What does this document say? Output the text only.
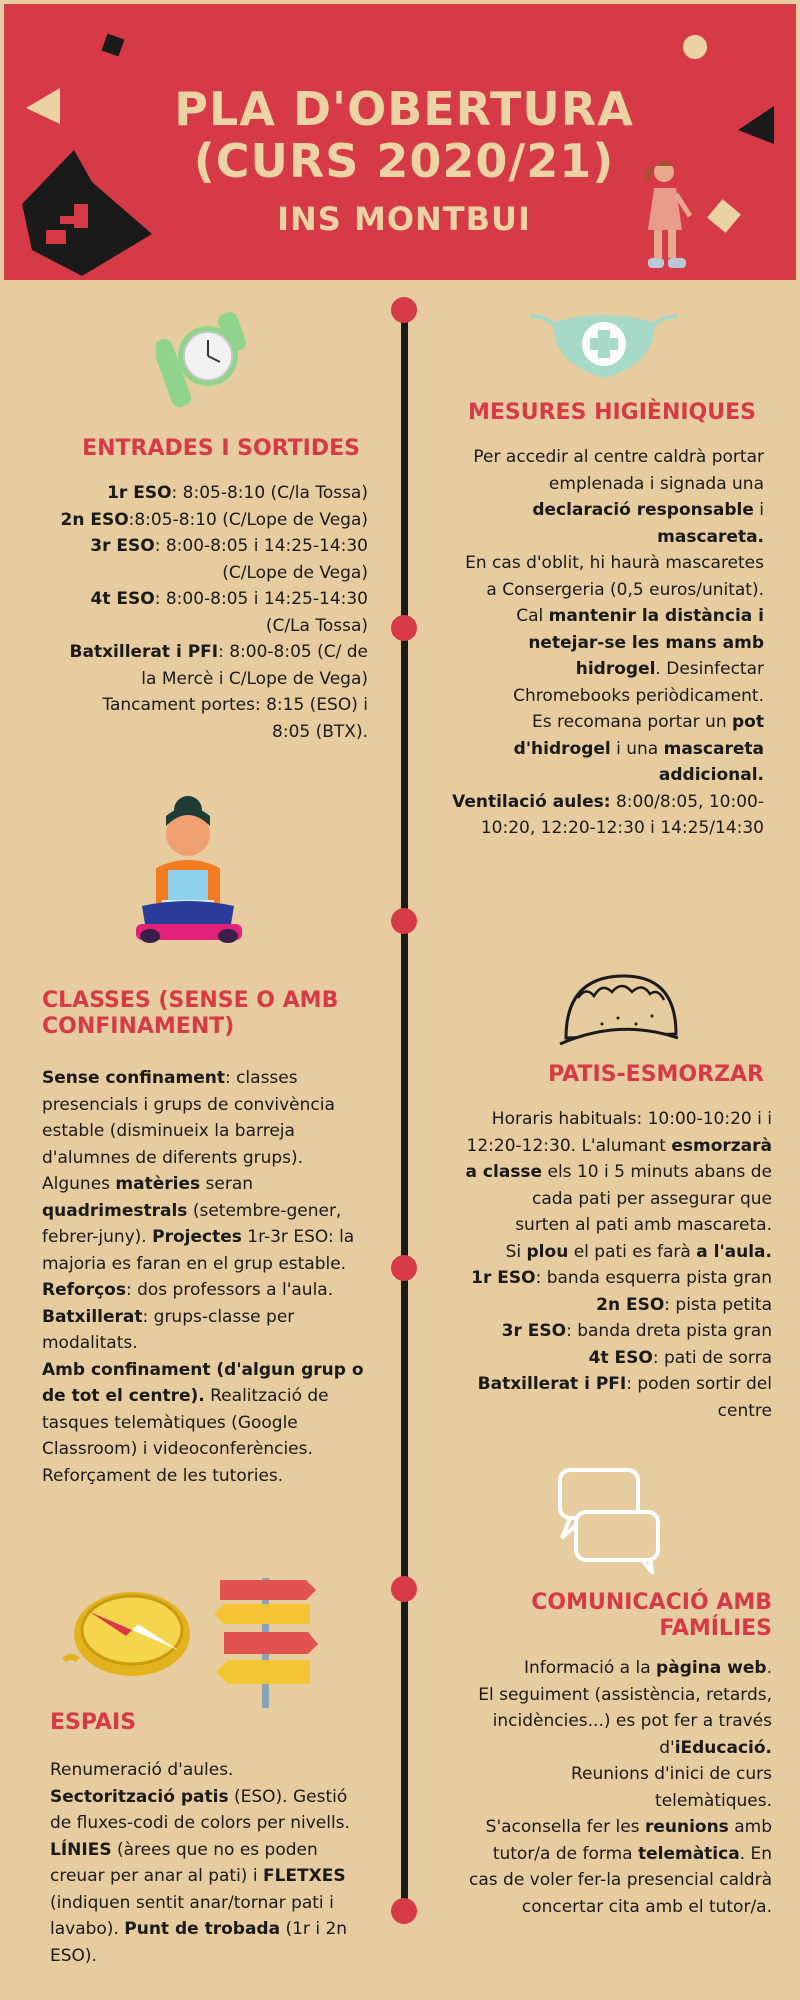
MONTBUI
PLA D'OBERTURA
(CURS 2020/21)
INS MONTBUI
ENTRADES I SORTIDES
1r ESO: 8:05-8:10 (C/la Tossa)
2n ESO:8:05-8:10 (C/Lope de Vega)
3r ESO: 8:00-8:05 i 14:25-14:30
(C/Lope de Vega)
4t ESO: 8:00-8:05 i 14:25-14:30
(C/La Tossa)
Batxillerat i PFI: 8:00-8:05 (C/ de
la Mercè i C/Lope de Vega)
Tancament portes: 8:15 (ESO) i
8:05 (BTX).
MESURES HIGIÈNIQUES
Per accedir al centre caldrà portar
emplenada i signada una
declaració responsable i
mascareta.
En cas d'oblit, hi haurà mascaretes
a Consergeria (0,5 euros/unitat).
Cal mantenir la distància i
netejar-se les mans amb
hidrogel. Desinfectar
Chromebooks periòdicament.
Es recomana portar un pot
d'hidrogel i una mascareta
addicional.
Ventilació aules: 8:00/8:05, 10:00-
10:20, 12:20-12:30 i 14:25/14:30
CLASSES (SENSE O AMB
CONFINAMENT)
Sense confinament: classes
presencials i grups de convivència
estable (disminueix la barreja
d'alumnes de diferents grups).
Algunes matèries seran
quadrimestrals (setembre-gener,
febrer-juny). Projectes 1r-3r ESO: la
majoria es faran en el grup estable.
Reforços: dos professors a l'aula.
Batxillerat: grups-classe per
modalitats.
Amb confinament (d'algun grup o
de tot el centre). Realització de
tasques telemàtiques (Google
Classroom) i videoconferències.
Reforçament de les tutories.
PATIS-ESMORZAR
Horaris habituals: 10:00-10:20 i i
12:20-12:30. L'alumant esmorzarà
a classe els 10 i 5 minuts abans de
cada pati per assegurar que
surten al pati amb mascareta.
Si plou el pati es farà a l'aula.
1r ESO: banda esquerra pista gran
2n ESO: pista petita
3r ESO: banda dreta pista gran
4t ESO: pati de sorra
Batxillerat i PFI: poden sortir del
centre
ESPAIS
Renumeració d'aules.
Sectorització patis (ESO). Gestió
de fluxes-codi de colors per nivells.
LÍNIES (àrees que no es poden
creuar per anar al pati) i FLETXES
(indiquen sentit anar/tornar pati i
lavabo). Punt de trobada (1r i 2n
ESO).
COMUNICACIÓ AMB
FAMÍLIES
Informació a la pàgina web.
El seguiment (assistència, retards,
incidències...) es pot fer a través
d'iEducació.
Reunions d'inici de curs
telemàtiques.
S'aconsella fer les reunions amb
tutor/a de forma telemàtica. En
cas de voler fer-la presencial caldrà
concertar cita amb el tutor/a.
